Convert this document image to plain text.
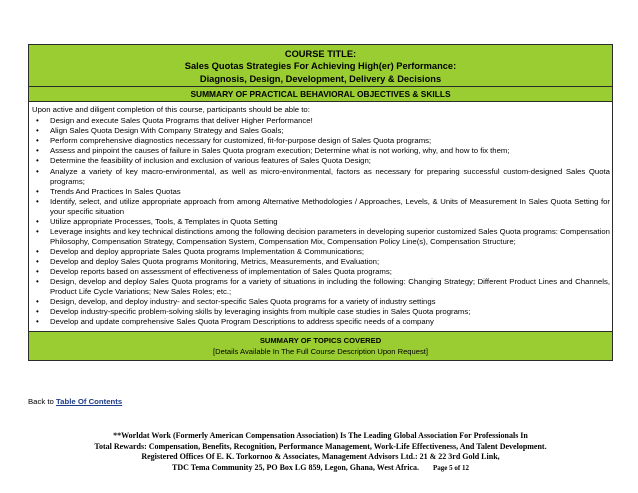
COURSE TITLE:
Sales Quotas Strategies For Achieving High(er) Performance:
Diagnosis, Design, Development, Delivery & Decisions
SUMMARY OF PRACTICAL BEHAVIORAL OBJECTIVES & SKILLS
Upon active and diligent completion of this course, participants should be able to:
• Design and execute Sales Quota Programs that deliver Higher Performance!
• Align Sales Quota Design With Company Strategy and Sales Goals;
• Perform comprehensive diagnostics necessary for customized, fit-for-purpose design of Sales Quota programs;
• Assess and pinpoint the causes of failure in Sales Quota program execution; Determine what is not working, why, and how to fix them;
• Determine the feasibility of inclusion and exclusion of various features of Sales Quota Design;
• Analyze a variety of key macro-environmental, as well as micro-environmental, factors as necessary for preparing successful custom-designed Sales Quota programs;
• Trends And Practices In Sales Quotas
• Identify, select, and utilize appropriate approach from among Alternative Methodologies / Approaches, Levels, & Units of Measurement In Sales Quota Setting for your specific situation
• Utilize appropriate Processes, Tools, & Templates in Quota Setting
• Leverage insights and key technical distinctions among the following decision parameters in developing superior customized Sales Quota programs: Compensation Philosophy, Compensation Strategy, Compensation System, Compensation Mix, Compensation Policy Line(s), Compensation Structure;
• Develop and deploy appropriate Sales Quota programs Implementation & Communications;
• Develop and deploy Sales Quota programs Monitoring, Metrics, Measurements, and Evaluation;
• Develop reports based on assessment of effectiveness of implementation of Sales Quota programs;
• Design, develop and deploy Sales Quota programs for a variety of situations in including the following: Changing Strategy; Different Product Lines and Channels, Product Life Cycle Variations; New Sales Roles; etc.;
• Design, develop, and deploy industry- and sector-specific Sales Quota programs for a variety of industry settings
• Develop industry-specific problem-solving skills by leveraging insights from multiple case studies in Sales Quota programs;
• Develop and update comprehensive Sales Quota Program Descriptions to address specific needs of a company
SUMMARY OF TOPICS COVERED
[Details Available In The Full Course Description Upon Request]
Back to Table Of Contents
**Worldat Work (Formerly American Compensation Association) Is The Leading Global Association For Professionals In
Total Rewards: Compensation, Benefits, Recognition, Performance Management, Work-Life Effectiveness, And Talent Development.
Registered Offices Of E. K. Torkornoo & Associates, Management Advisors Ltd.: 21 & 22 3rd Gold Link,
TDC Tema Community 25, PO Box LG 859, Legon, Ghana, West Africa. Page 5 of 12
